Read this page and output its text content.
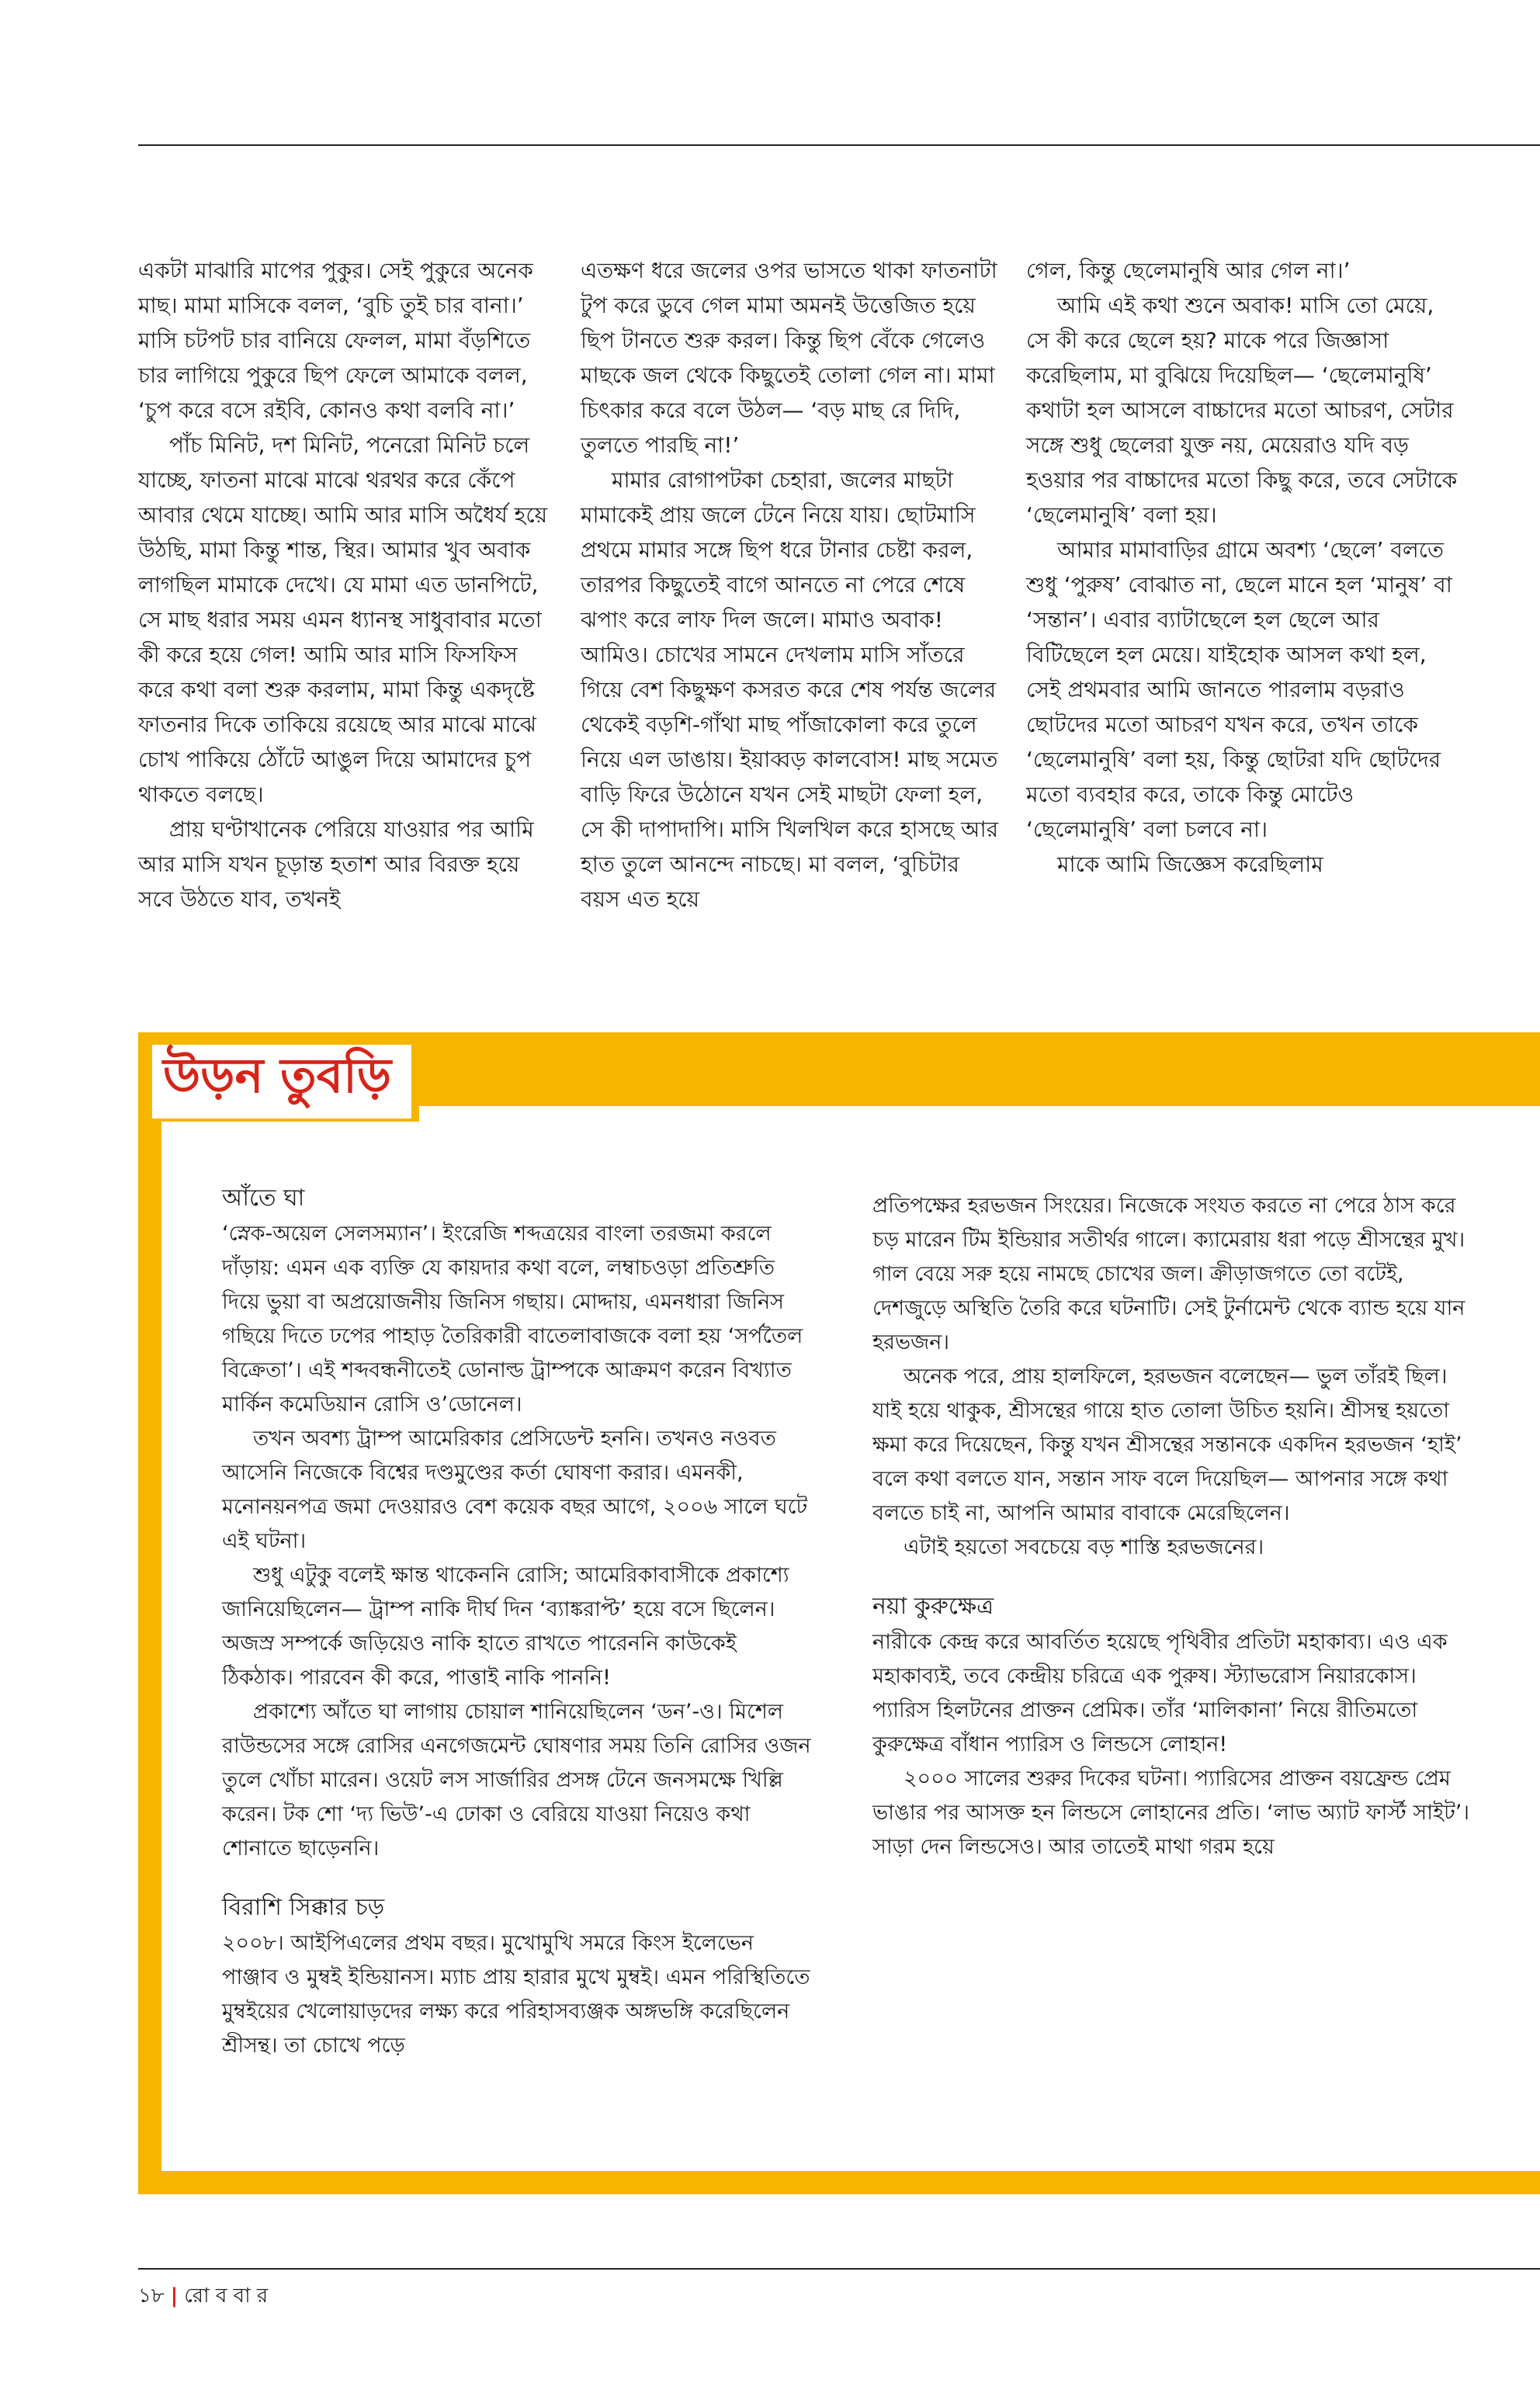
একটা মাঝারি মাপের পুকুর। সেই পুকুরে অনেক মাছ। মামা মাসিকে বলল, ‘বুচি তুই চার বানা।’ মাসি চটপট চার বানিয়ে ফেলল, মামা বঁড়শিতে চার লাগিয়ে পুকুরে ছিপ ফেলে আমাকে বলল, ‘চুপ করে বসে রইবি, কোনও কথা বলবি না।’

পাঁচ মিনিট, দশ মিনিট, পনেরো মিনিট চলে যাচ্ছে, ফাতনা মাঝে মাঝে থরথর করে কেঁপে আবার থেমে যাচ্ছে। আমি আর মাসি অধৈর্য হয়ে উঠছি, মামা কিন্তু শান্ত, স্থির। আমার খুব অবাক লাগছিল মামাকে দেখে। যে মামা এত ডানপিটে, সে মাছ ধরার সময় এমন ধ্যানস্থ সাধুবাবার মতো কী করে হয়ে গেল! আমি আর মাসি ফিসফিস করে কথা বলা শুরু করলাম, মামা কিন্তু একদৃষ্টে ফাতনার দিকে তাকিয়ে রয়েছে আর মাঝে মাঝে চোখ পাকিয়ে ঠোঁটে আঙুল দিয়ে আমাদের চুপ থাকতে বলছে।

প্রায় ঘণ্টাখানেক পেরিয়ে যাওয়ার পর আমি আর মাসি যখন চূড়ান্ত হতাশ আর বিরক্ত হয়ে সবে উঠতে যাব, তখনই

এতক্ষণ ধরে জলের ওপর ভাসতে থাকা ফাতনাটা টুপ করে ডুবে গেল মামা অমনই উত্তেজিত হয়ে ছিপ টানতে শুরু করল। কিন্তু ছিপ বেঁকে গেলেও মাছকে জল থেকে কিছুতেই তোলা গেল না। মামা চিৎকার করে বলে উঠল— ‘বড় মাছ রে দিদি, তুলতে পারছি না!’

মামার রোগাপটকা চেহারা, জলের মাছটা মামাকেই প্রায় জলে টেনে নিয়ে যায়। ছোটমাসি প্রথমে মামার সঙ্গে ছিপ ধরে টানার চেষ্টা করল, তারপর কিছুতেই বাগে আনতে না পেরে শেষে ঝপাং করে লাফ দিল জলে। মামাও অবাক! আমিও। চোখের সামনে দেখলাম মাসি সাঁতরে গিয়ে বেশ কিছুক্ষণ কসরত করে শেষ পর্যন্ত জলের থেকেই বড়শি-গাঁথা মাছ পাঁজাকোলা করে তুলে নিয়ে এল ডাঙায়। ইয়াব্বড় কালবোস! মাছ সমেত বাড়ি ফিরে উঠোনে যখন সেই মাছটা ফেলা হল, সে কী দাপাদাপি। মাসি খিলখিল করে হাসছে আর হাত তুলে আনন্দে নাচছে। মা বলল, ‘বুচিটার বয়স এত হয়ে

গেল, কিন্তু ছেলেমানুষি আর গেল না।’

আমি এই কথা শুনে অবাক! মাসি তো মেয়ে, সে কী করে ছেলে হয়? মাকে পরে জিজ্ঞাসা করেছিলাম, মা বুঝিয়ে দিয়েছিল— ‘ছেলেমানুষি’ কথাটা হল আসলে বাচ্চাদের মতো আচরণ, সেটার সঙ্গে শুধু ছেলেরা যুক্ত নয়, মেয়েরাও যদি বড় হওয়ার পর বাচ্চাদের মতো কিছু করে, তবে সেটাকে ‘ছেলেমানুষি’ বলা হয়।

আমার মামাবাড়ির গ্রামে অবশ্য ‘ছেলে’ বলতে শুধু ‘পুরুষ’ বোঝাত না, ছেলে মানে হল ‘মানুষ’ বা ‘সন্তান’। এবার ব্যাটাছেলে হল ছেলে আর বিটিছেলে হল মেয়ে। যাইহোক আসল কথা হল, সেই প্রথমবার আমি জানতে পারলাম বড়রাও ছোটদের মতো আচরণ যখন করে, তখন তাকে ‘ছেলেমানুষি’ বলা হয়, কিন্তু ছোটরা যদি ছোটদের মতো ব্যবহার করে, তাকে কিন্তু মোটেও ‘ছেলেমানুষি’ বলা চলবে না।

মাকে আমি জিজ্ঞেস করেছিলাম

উড়ন তুবড়ি
আঁতে ঘা

‘স্নেক-অয়েল সেলসম্যান’। ইংরেজি শব্দত্রয়ের বাংলা তরজমা করলে দাঁড়ায়: এমন এক ব্যক্তি যে কায়দার কথা বলে, লম্বাচওড়া প্রতিশ্রুতি দিয়ে ভুয়া বা অপ্রয়োজনীয় জিনিস গছায়। মোদ্দায়, এমনধারা জিনিস গছিয়ে দিতে ঢপের পাহাড় তৈরিকারী বাতেলাবাজকে বলা হয় ‘সর্পতৈল বিক্রেতা’। এই শব্দবন্ধনীতেই ডোনাল্ড ট্রাম্পকে আক্রমণ করেন বিখ্যাত মার্কিন কমেডিয়ান রোসি ও’ডোনেল।

তখন অবশ্য ট্রাম্প আমেরিকার প্রেসিডেন্ট হননি। তখনও নওবত আসেনি নিজেকে বিশ্বের দণ্ডমুণ্ডের কর্তা ঘোষণা করার। এমনকী, মনোনয়নপত্র জমা দেওয়ারও বেশ কয়েক বছর আগে, ২০০৬ সালে ঘটে এই ঘটনা।

শুধু এটুকু বলেই ক্ষান্ত থাকেননি রোসি; আমেরিকাবাসীকে প্রকাশ্যে জানিয়েছিলেন— ট্রাম্প নাকি দীর্ঘ দিন ‘ব্যাঙ্করাপ্ট’ হয়ে বসে ছিলেন। অজস্র সম্পর্কে জড়িয়েও নাকি হাতে রাখতে পারেননি কাউকেই ঠিকঠাক। পারবেন কী করে, পাত্তাই নাকি পাননি!

প্রকাশ্যে আঁতে ঘা লাগায় চোয়াল শানিয়েছিলেন ‘ডন’-ও। মিশেল রাউন্ডসের সঙ্গে রোসির এনগেজমেন্ট ঘোষণার সময় তিনি রোসির ওজন তুলে খোঁচা মারেন। ওয়েট লস সার্জারির প্রসঙ্গ টেনে জনসমক্ষে খিল্লি করেন। টক শো ‘দ্য ভিউ’-এ ঢোকা ও বেরিয়ে যাওয়া নিয়েও কথা শোনাতে ছাড়েননি।

বিরাশি সিক্কার চড়

২০০৮। আইপিএলের প্রথম বছর। মুখোমুখি সমরে কিংস ইলেভেন পাঞ্জাব ও মুম্বই ইন্ডিয়ানস। ম্যাচ প্রায় হারার মুখে মুম্বই। এমন পরিস্থিতিতে মুম্বইয়ের খেলোয়াড়দের লক্ষ্য করে পরিহাসব্যঞ্জক অঙ্গভঙ্গি করেছিলেন শ্রীসন্থ। তা চোখে পড়ে

প্রতিপক্ষের হরভজন সিংয়ের। নিজেকে সংযত করতে না পেরে ঠাস করে চড় মারেন টিম ইন্ডিয়ার সতীর্থর গালে। ক্যামেরায় ধরা পড়ে শ্রীসন্থের মুখ। গাল বেয়ে সরু হয়ে নামছে চোখের জল। ক্রীড়াজগতে তো বটেই, দেশজুড়ে অস্থিতি তৈরি করে ঘটনাটি। সেই টুর্নামেন্ট থেকে ব্যান্ড হয়ে যান হরভজন।

অনেক পরে, প্রায় হালফিলে, হরভজন বলেছেন— ভুল তাঁরই ছিল। যাই হয়ে থাকুক, শ্রীসন্থের গায়ে হাত তোলা উচিত হয়নি। শ্রীসন্থ হয়তো ক্ষমা করে দিয়েছেন, কিন্তু যখন শ্রীসন্থের সন্তানকে একদিন হরভজন ‘হাই’ বলে কথা বলতে যান, সন্তান সাফ বলে দিয়েছিল— আপনার সঙ্গে কথা বলতে চাই না, আপনি আমার বাবাকে মেরেছিলেন।

এটাই হয়তো সবচেয়ে বড় শাস্তি হরভজনের।

নয়া কুরুক্ষেত্র

নারীকে কেন্দ্র করে আবর্তিত হয়েছে পৃথিবীর প্রতিটা মহাকাব্য। এও এক মহাকাব্যই, তবে কেন্দ্রীয় চরিত্রে এক পুরুষ। স্ট্যাভরোস নিয়ারকোস। প্যারিস হিলটনের প্রাক্তন প্রেমিক। তাঁর ‘মালিকানা’ নিয়ে রীতিমতো কুরুক্ষেত্র বাঁধান প্যারিস ও লিন্ডসে লোহান!

২০০০ সালের শুরুর দিকের ঘটনা। প্যারিসের প্রাক্তন বয়ফ্রেন্ড প্রেম ভাঙার পর আসক্ত হন লিন্ডসে লোহানের প্রতি। ‘লাভ অ্যাট ফার্স্ট সাইট’। সাড়া দেন লিন্ডসেও। আর তাতেই মাথা গরম হয়ে

১৮ | রো ব বা র
